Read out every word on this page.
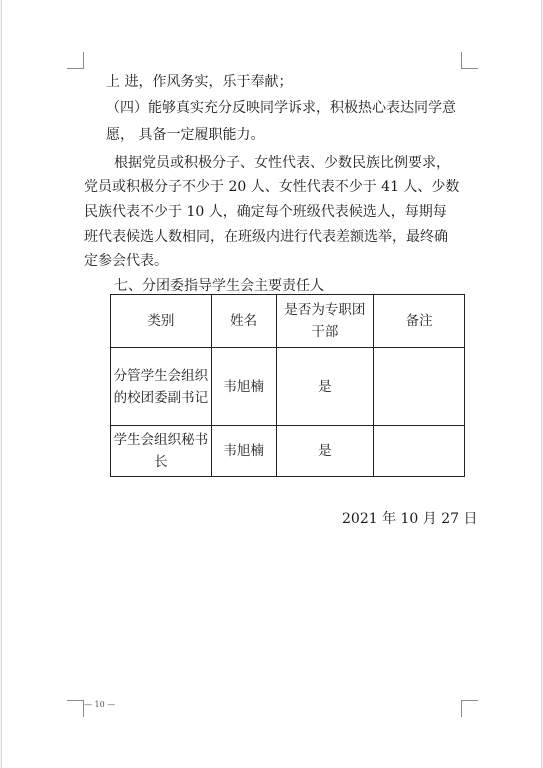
上 进，作风务实，乐于奉献；
（四）能够真实充分反映同学诉求，积极热心表达同学意
愿， 具备一定履职能力。
根据党员或积极分子、女性代表、少数民族比例要求，
党员或积极分子不少于 20 人、女性代表不少于 41 人、少数
民族代表不少于 10 人，确定每个班级代表候选人，每期每
班代表候选人数相同，在班级内进行代表差额选举，最终确
定参会代表。
七、分团委指导学生会主要责任人
类别	姓名	是否为专职团干部	备注
分管学生会组织的校团委副书记	韦旭楠	是	
学生会组织秘书长	韦旭楠	是	
2021 年 10 月 27 日
— 10 —
